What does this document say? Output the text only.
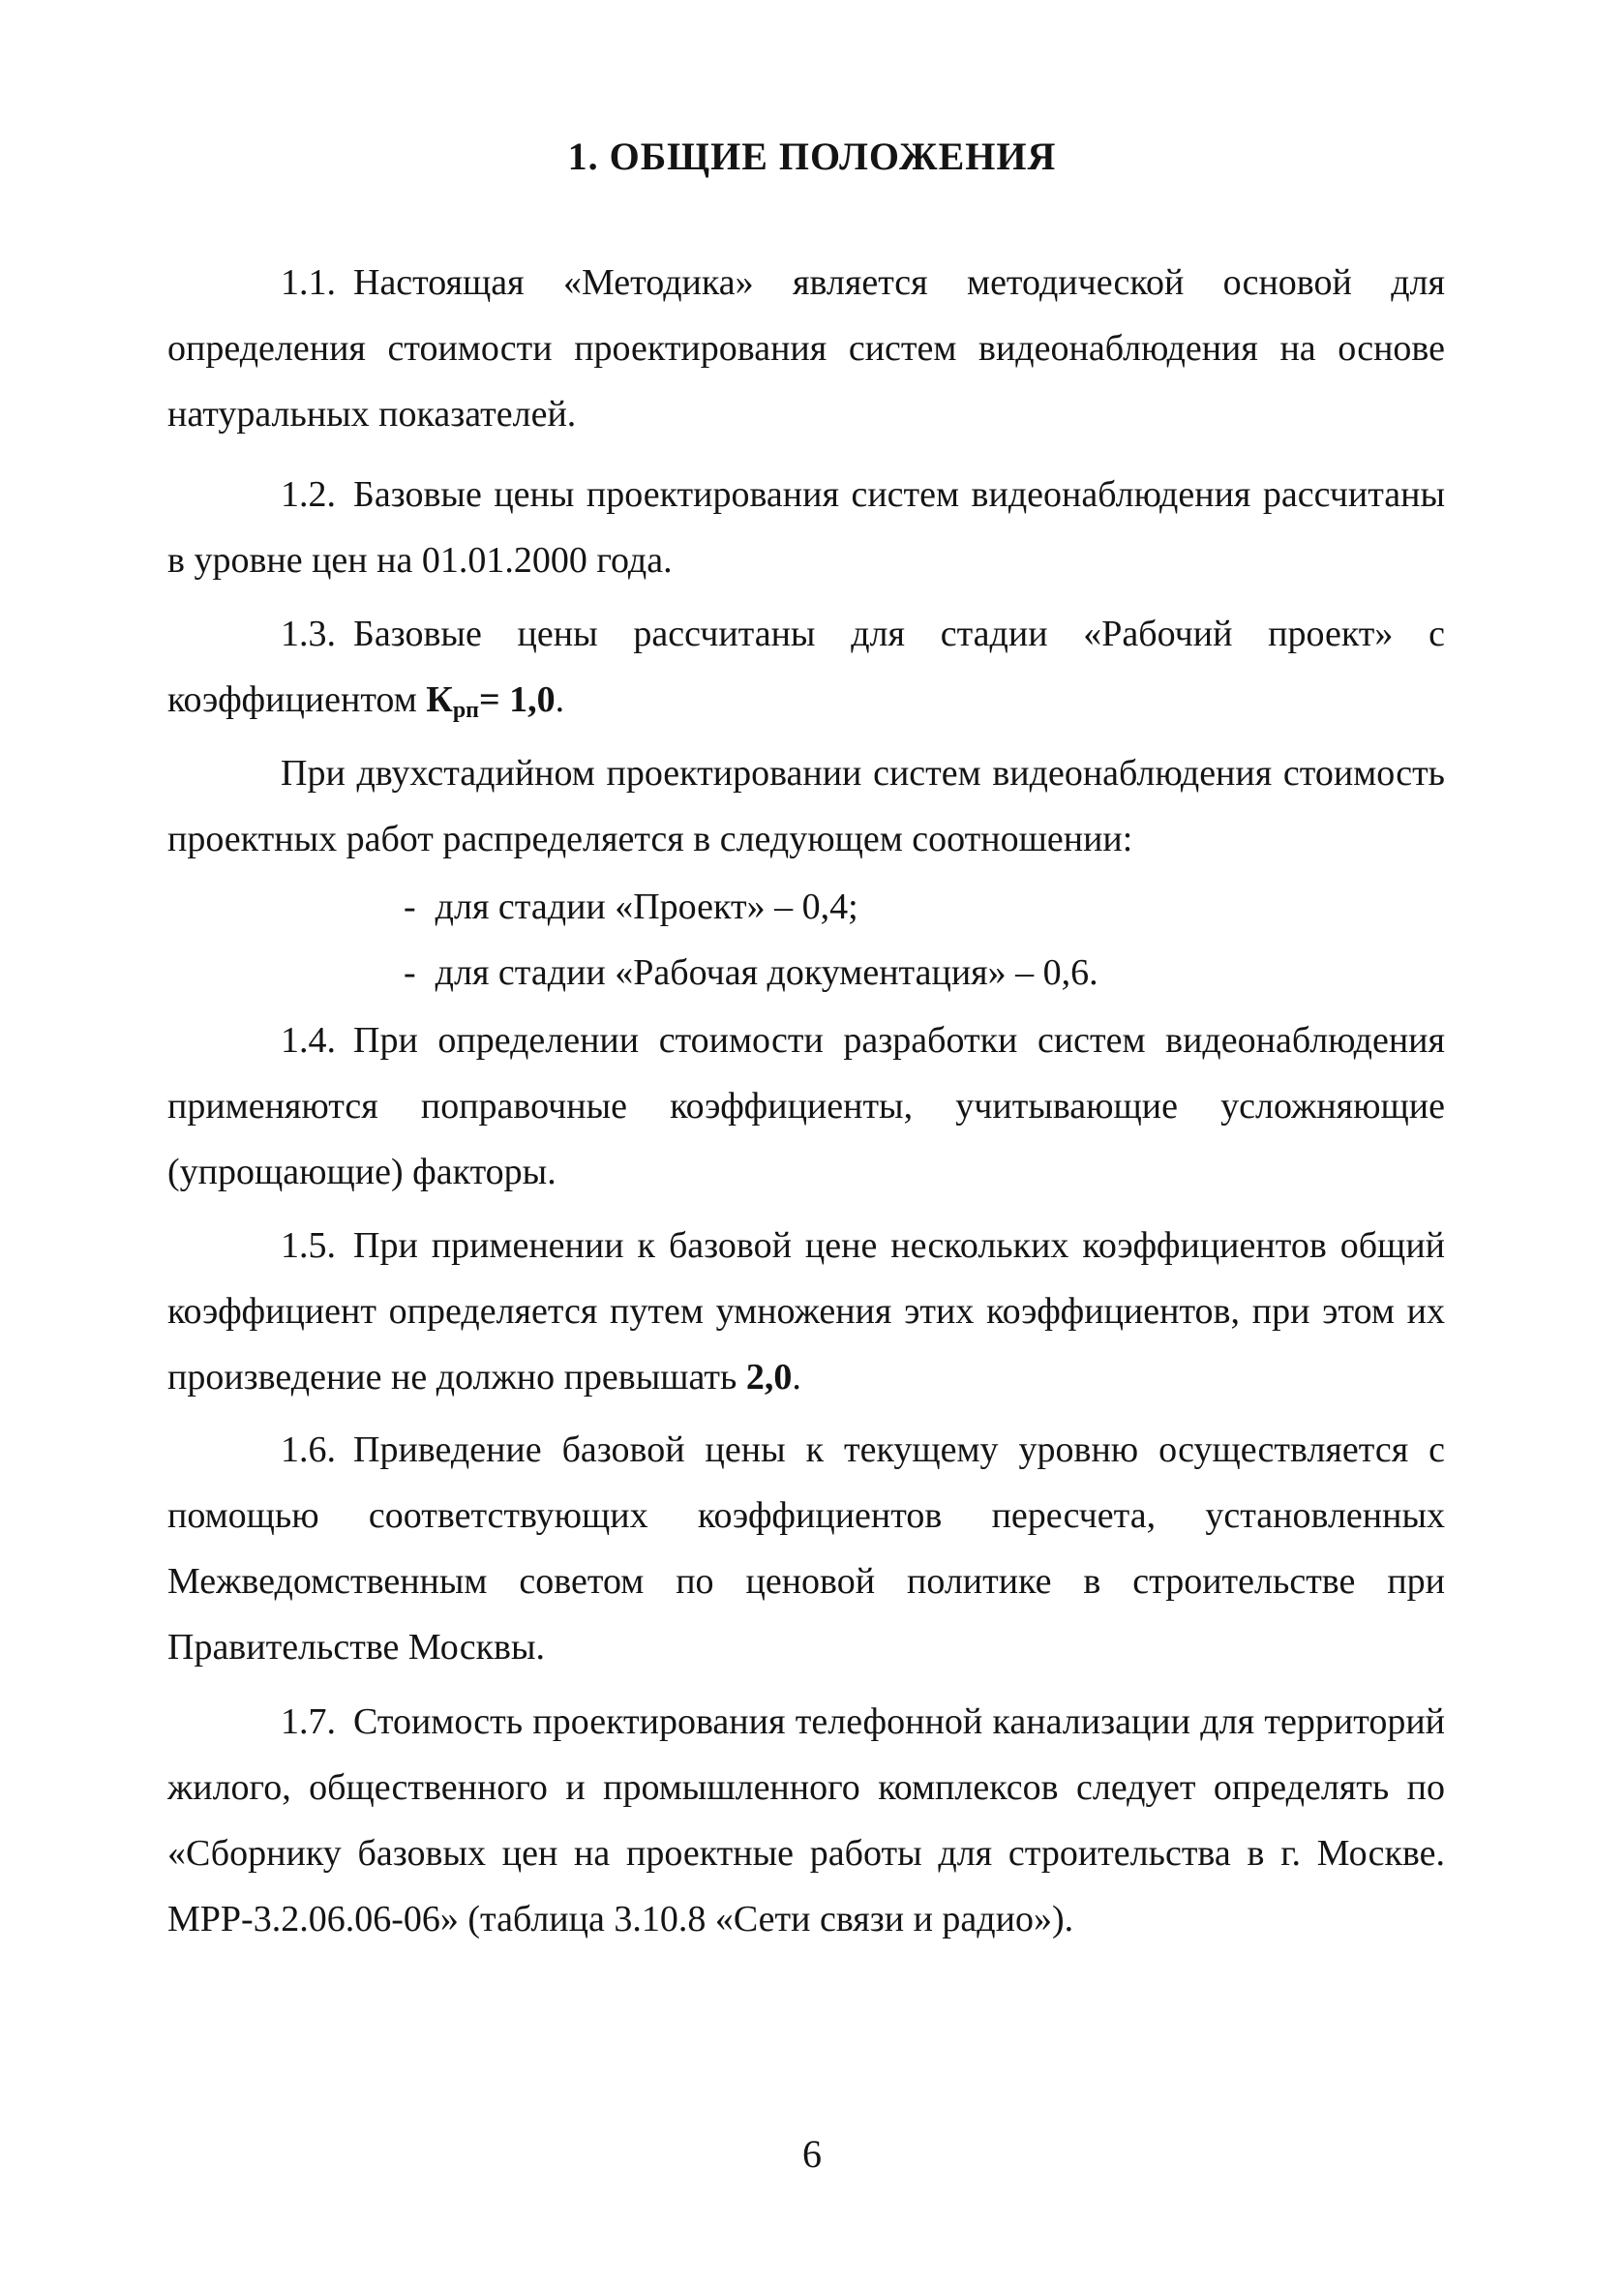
1. ОБЩИЕ ПОЛОЖЕНИЯ
1.1. Настоящая «Методика» является методической основой для определения стоимости проектирования систем видеонаблюдения на основе натуральных показателей.
1.2. Базовые цены проектирования систем видеонаблюдения рассчитаны в уровне цен на 01.01.2000 года.
1.3. Базовые цены рассчитаны для стадии «Рабочий проект» с коэффициентом $К_{рп}= 1,0$.
При двухстадийном проектировании систем видеонаблюдения стоимость проектных работ распределяется в следующем соотношении:
- для стадии «Проект» – 0,4;
- для стадии «Рабочая документация» – 0,6.
1.4. При определении стоимости разработки систем видеонаблюдения применяются поправочные коэффициенты, учитывающие усложняющие (упрощающие) факторы.
1.5. При применении к базовой цене нескольких коэффициентов общий коэффициент определяется путем умножения этих коэффициентов, при этом их произведение не должно превышать 2,0.
1.6. Приведение базовой цены к текущему уровню осуществляется с помощью соответствующих коэффициентов пересчета, установленных Межведомственным советом по ценовой политике в строительстве при Правительстве Москвы.
1.7. Стоимость проектирования телефонной канализации для территорий жилого, общественного и промышленного комплексов следует определять по «Сборнику базовых цен на проектные работы для строительства в г. Москве. МРР-3.2.06.06-06» (таблица 3.10.8 «Сети связи и радио»).
6
